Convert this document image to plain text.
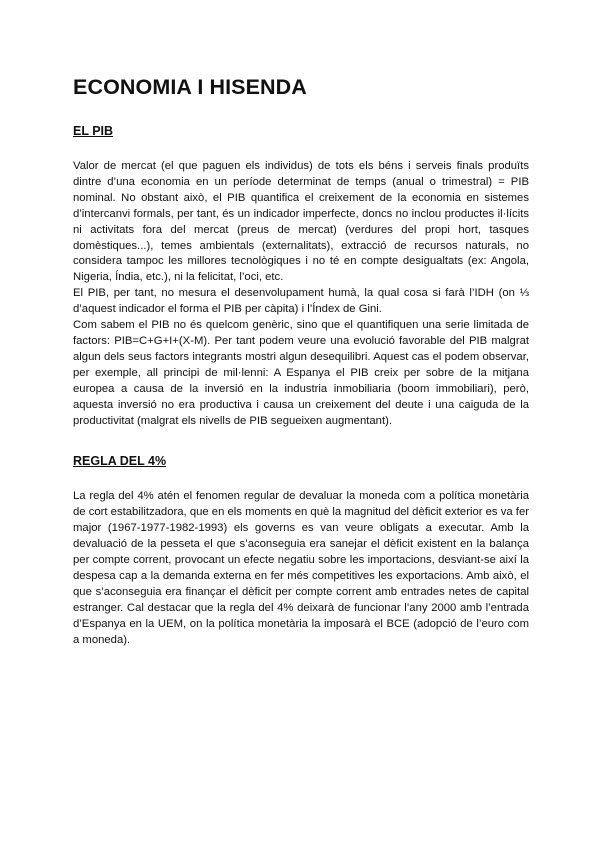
ECONOMIA I HISENDA
EL PIB

Valor de mercat (el que paguen els individus) de tots els béns i serveis finals produïts dintre d’una economia en un període determinat de temps (anual o trimestral) = PIB nominal. No obstant això, el PIB quantifica el creixement de la economia en sistemes d’intercanvi formals, per tant, és un indicador imperfecte, doncs no inclou productes il·lícits ni activitats fora del mercat (preus de mercat) (verdures del propi hort, tasques domèstiques...), temes ambientals (externalitats), extracció de recursos naturals, no considera tampoc les millores tecnològiques i no té en compte desigualtats (ex: Angola, Nigeria, Índia, etc.), ni la felicitat, l’oci, etc.

El PIB, per tant, no mesura el desenvolupament humà, la qual cosa si farà l’IDH (on ⅓ d’aquest indicador el forma el PIB per càpita) i l’Índex de Gini.

Com sabem el PIB no és quelcom genèric, sino que el quantifiquen una serie limitada de factors: PIB=C+G+I+(X-M). Per tant podem veure una evolució favorable del PIB malgrat algun dels seus factors integrants mostri algun desequilibri. Aquest cas el podem observar, per exemple, all principi de mil·lenni: A Espanya el PIB creix per sobre de la mitjana europea a causa de la inversió en la industria inmobiliaria (boom immobiliari), però, aquesta inversió no era productiva i causa un creixement del deute i una caiguda de la productivitat (malgrat els nivells de PIB segueixen augmentant).

REGLA DEL 4%

La regla del 4% atén el fenomen regular de devaluar la moneda com a política monetària de cort estabilitzadora, que en els moments en què la magnitud del dèficit exterior es va fer major (1967-1977-1982-1993) els governs es van veure obligats a executar. Amb la devaluació de la pesseta el que s’aconseguia era sanejar el dèficit existent en la balança per compte corrent, provocant un efecte negatiu sobre les importacions, desviant-se així la despesa cap a la demanda externa en fer més competitives les exportacions. Amb això, el que s’aconseguia era finançar el dèficit per compte corrent amb entrades netes de capital estranger. Cal destacar que la regla del 4% deixarà de funcionar l’any 2000 amb l’entrada d’Espanya en la UEM, on la política monetària la imposarà el BCE (adopció de l’euro com a moneda).
